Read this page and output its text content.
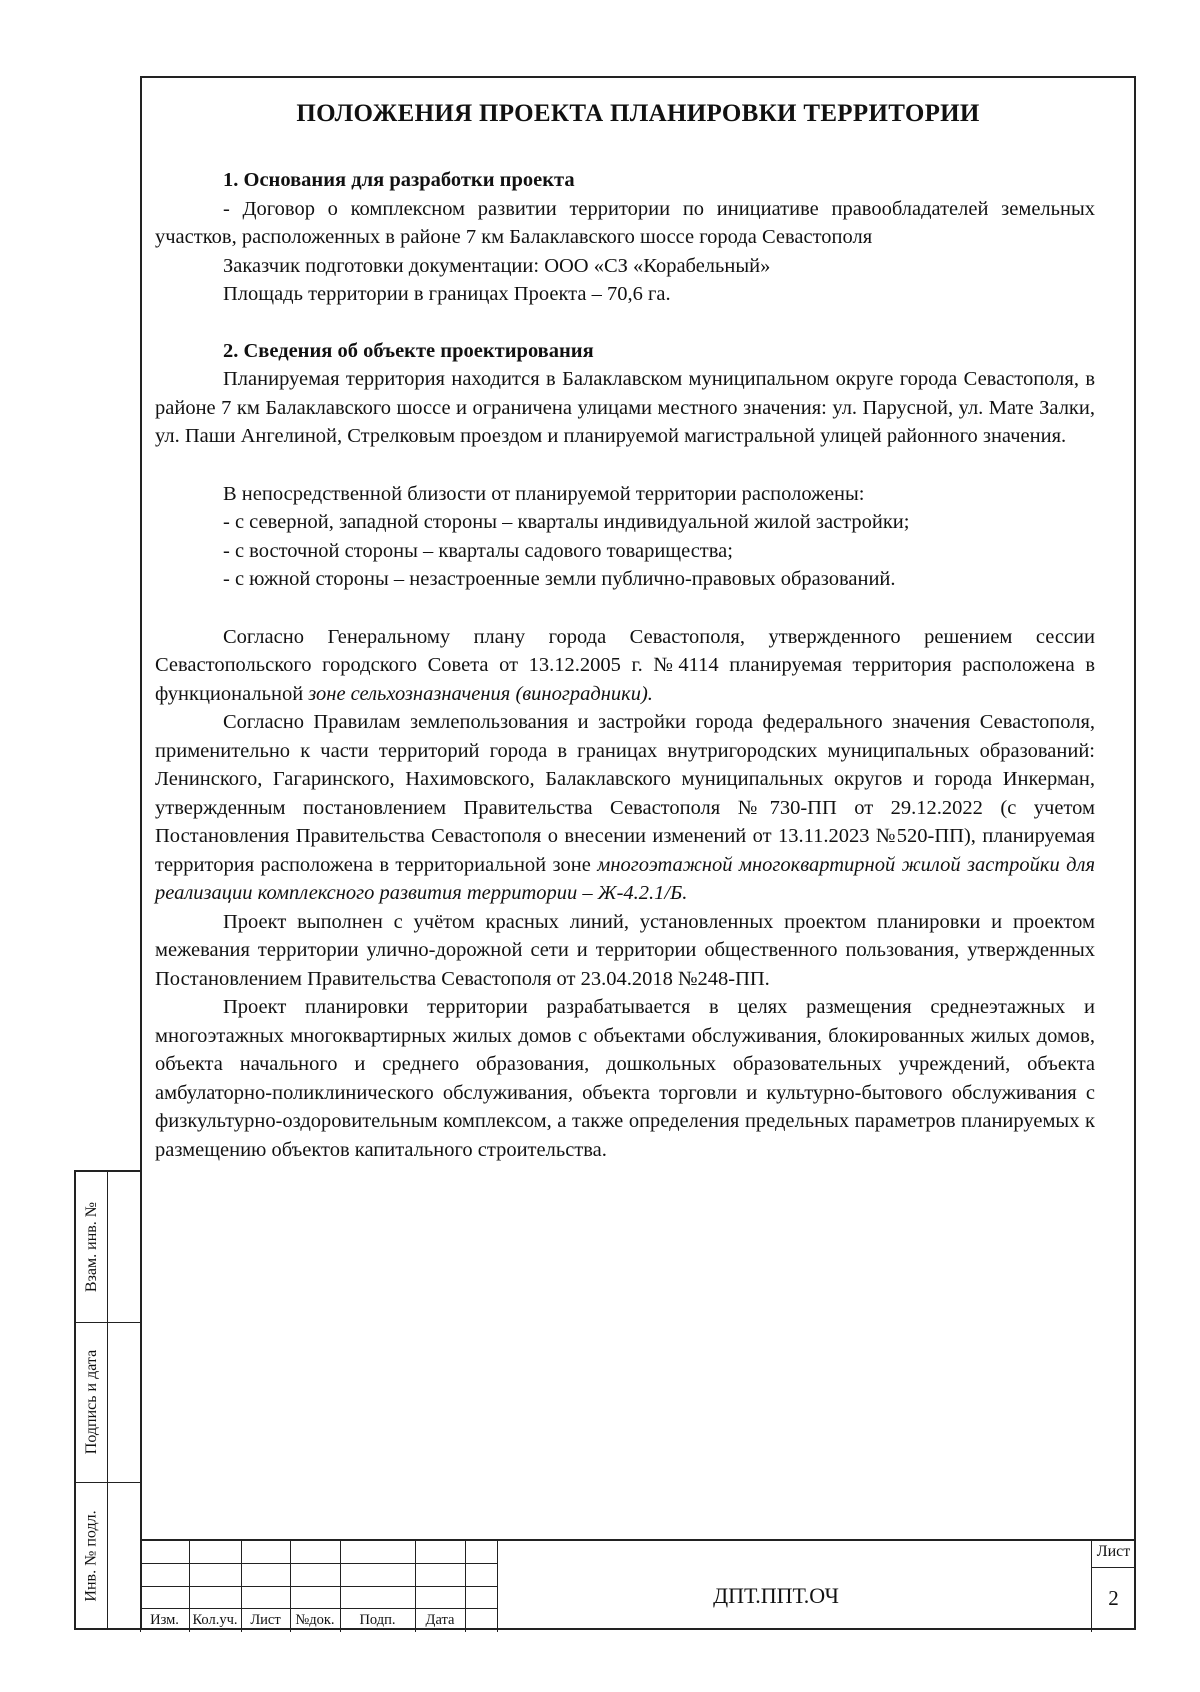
ПОЛОЖЕНИЯ ПРОЕКТА ПЛАНИРОВКИ ТЕРРИТОРИИ

1. Основания для разработки проекта

- Договор о комплексном развитии территории по инициативе правообладателей земельных участков, расположенных в районе 7 км Балаклавского шоссе города Севастополя

Заказчик подготовки документации: ООО «СЗ «Корабельный»

Площадь территории в границах Проекта – 70,6 га.

2. Сведения об объекте проектирования

Планируемая территория находится в Балаклавском муниципальном округе города Севастополя, в районе 7 км Балаклавского шоссе и ограничена улицами местного значения: ул. Парусной, ул. Мате Залки, ул. Паши Ангелиной, Стрелковым проездом и планируемой магистральной улицей районного значения.

В непосредственной близости от планируемой территории расположены:

- с северной, западной стороны – кварталы индивидуальной жилой застройки;

- с восточной стороны – кварталы садового товарищества;

- с южной стороны – незастроенные земли публично-правовых образований.

Согласно Генеральному плану города Севастополя, утвержденного решением сессии Севастопольского городского Совета от 13.12.2005 г. №4114 планируемая территория расположена в функциональной зоне сельхозназначения (виноградники).

Согласно Правилам землепользования и застройки города федерального значения Севастополя, применительно к части территорий города в границах внутригородских муниципальных образований: Ленинского, Гагаринского, Нахимовского, Балаклавского муниципальных округов и города Инкерман, утвержденным постановлением Правительства Севастополя №730-ПП от 29.12.2022 (с учетом Постановления Правительства Севастополя о внесении изменений от 13.11.2023 №520-ПП), планируемая территория расположена в территориальной зоне многоэтажной многоквартирной жилой застройки для реализации комплексного развития территории – Ж-4.2.1/Б.

Проект выполнен с учётом красных линий, установленных проектом планировки и проектом межевания территории улично-дорожной сети и территории общественного пользования, утвержденных Постановлением Правительства Севастополя от 23.04.2018 №248-ПП.

Проект планировки территории разрабатывается в целях размещения среднеэтажных и многоэтажных многоквартирных жилых домов с объектами обслуживания, блокированных жилых домов, объекта начального и среднего образования, дошкольных образовательных учреждений, объекта амбулаторно-поликлинического обслуживания, объекта торговли и культурно-бытового обслуживания с физкультурно-оздоровительным комплексом, а также определения предельных параметров планируемых к размещению объектов капитального строительства.

Взам. инв. №
Подпись и дата
Инв. № подл.
Изм. Кол.уч. Лист	№док.	Подп.	Дата
ДПТ.ППТ.ОЧ
Лист
2
